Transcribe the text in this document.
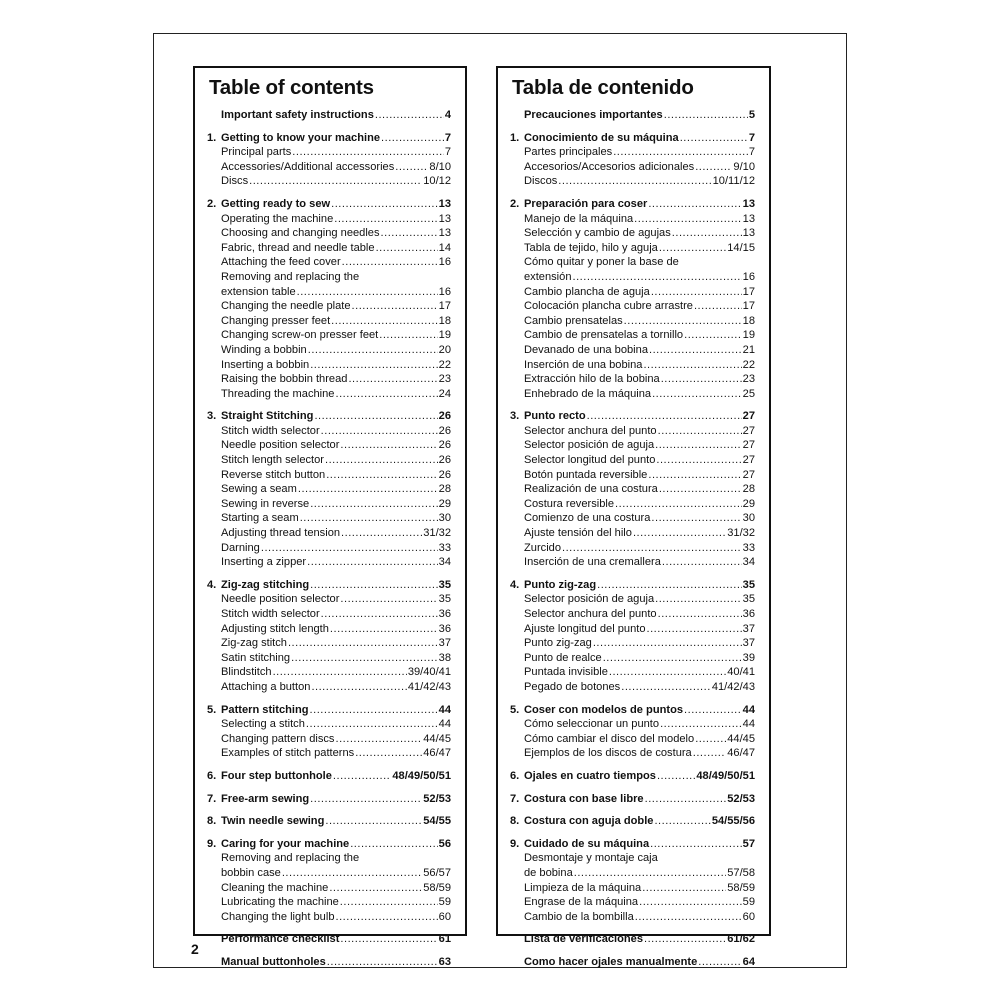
Table of contents
Important safety instructions .....	4
1. Getting to know your machine .....	7
Principal parts .....	7
Accessories/Additional accessories .....	8/10
Discs .....	10/12
2. Getting ready to sew .....	13
Operating the machine .....	13
Choosing and changing needles .....	13
Fabric, thread and needle table .....	14
Attaching the feed cover .....	16
Removing and replacing the
extension table .....	16
Changing the needle plate .....	17
Changing presser feet .....	18
Changing screw-on presser feet .....	19
Winding a bobbin .....	20
Inserting a bobbin .....	22
Raising the bobbin thread .....	23
Threading the machine .....	24
3. Straight Stitching .....	26
Stitch width selector .....	26
Needle position selector .....	26
Stitch length selector .....	26
Reverse stitch button .....	26
Sewing a seam .....	28
Sewing in reverse .....	29
Starting a seam .....	30
Adjusting thread tension .....	31/32
Darning .....	33
Inserting a zipper .....	34
4. Zig-zag stitching .....	35
Needle position selector .....	35
Stitch width selector .....	36
Adjusting stitch length .....	36
Zig-zag stitch .....	37
Satin stitching .....	38
Blindstitch .....	39/40/41
Attaching a button .....	41/42/43
5. Pattern stitching .....	44
Selecting a stitch .....	44
Changing pattern discs .....	44/45
Examples of stitch patterns .....	46/47
6. Four step buttonhole .....	48/49/50/51
7. Free-arm sewing .....	52/53
8. Twin needle sewing .....	54/55
9. Caring for your machine .....	56
Removing and replacing the
bobbin case .....	56/57
Cleaning the machine .....	58/59
Lubricating the machine .....	59
Changing the light bulb .....	60
Performance checklist .....	61
Manual buttonholes .....	63
Tabla de contenido
Precauciones importantes .....	5
1. Conocimiento de su máquina .....	7
Partes principales .....	7
Accesorios/Accesorios adicionales .....	9/10
Discos .....	10/11/12
2. Preparación para coser .....	13
Manejo de la máquina .....	13
Selección y cambio de agujas .....	13
Tabla de tejido, hilo y aguja .....	14/15
Cómo quitar y poner la base de
extensión .....	16
Cambio plancha de aguja .....	17
Colocación plancha cubre arrastre .....	17
Cambio prensatelas .....	18
Cambio de prensatelas a tornillo .....	19
Devanado de una bobina .....	21
Inserción de una bobina .....	22
Extracción hilo de la bobina .....	23
Enhebrado de la máquina .....	25
3. Punto recto .....	27
Selector anchura del punto .....	27
Selector posición de aguja .....	27
Selector longitud del punto .....	27
Botón puntada reversible .....	27
Realización de una costura .....	28
Costura reversible .....	29
Comienzo de una costura .....	30
Ajuste tensión del hilo .....	31/32
Zurcido .....	33
Inserción de una cremallera .....	34
4. Punto zig-zag .....	35
Selector posición de aguja .....	35
Selector anchura del punto .....	36
Ajuste longitud del punto .....	37
Punto zig-zag .....	37
Punto de realce .....	39
Puntada invisible .....	40/41
Pegado de botones .....	41/42/43
5. Coser con modelos de puntos .....	44
Cómo seleccionar un punto .....	44
Cómo cambiar el disco del modelo .....	44/45
Ejemplos de los discos de costura .....	46/47
6. Ojales en cuatro tiempos .....	48/49/50/51
7. Costura con base libre .....	52/53
8. Costura con aguja doble .....	54/55/56
9. Cuidado de su máquina .....	57
Desmontaje y montaje caja
de bobina .....	57/58
Limpieza de la máquina .....	58/59
Engrase de la máquina .....	59
Cambio de la bombilla .....	60
Lista de verificaciones .....	61/62
Como hacer ojales manualmente .....	64
2
